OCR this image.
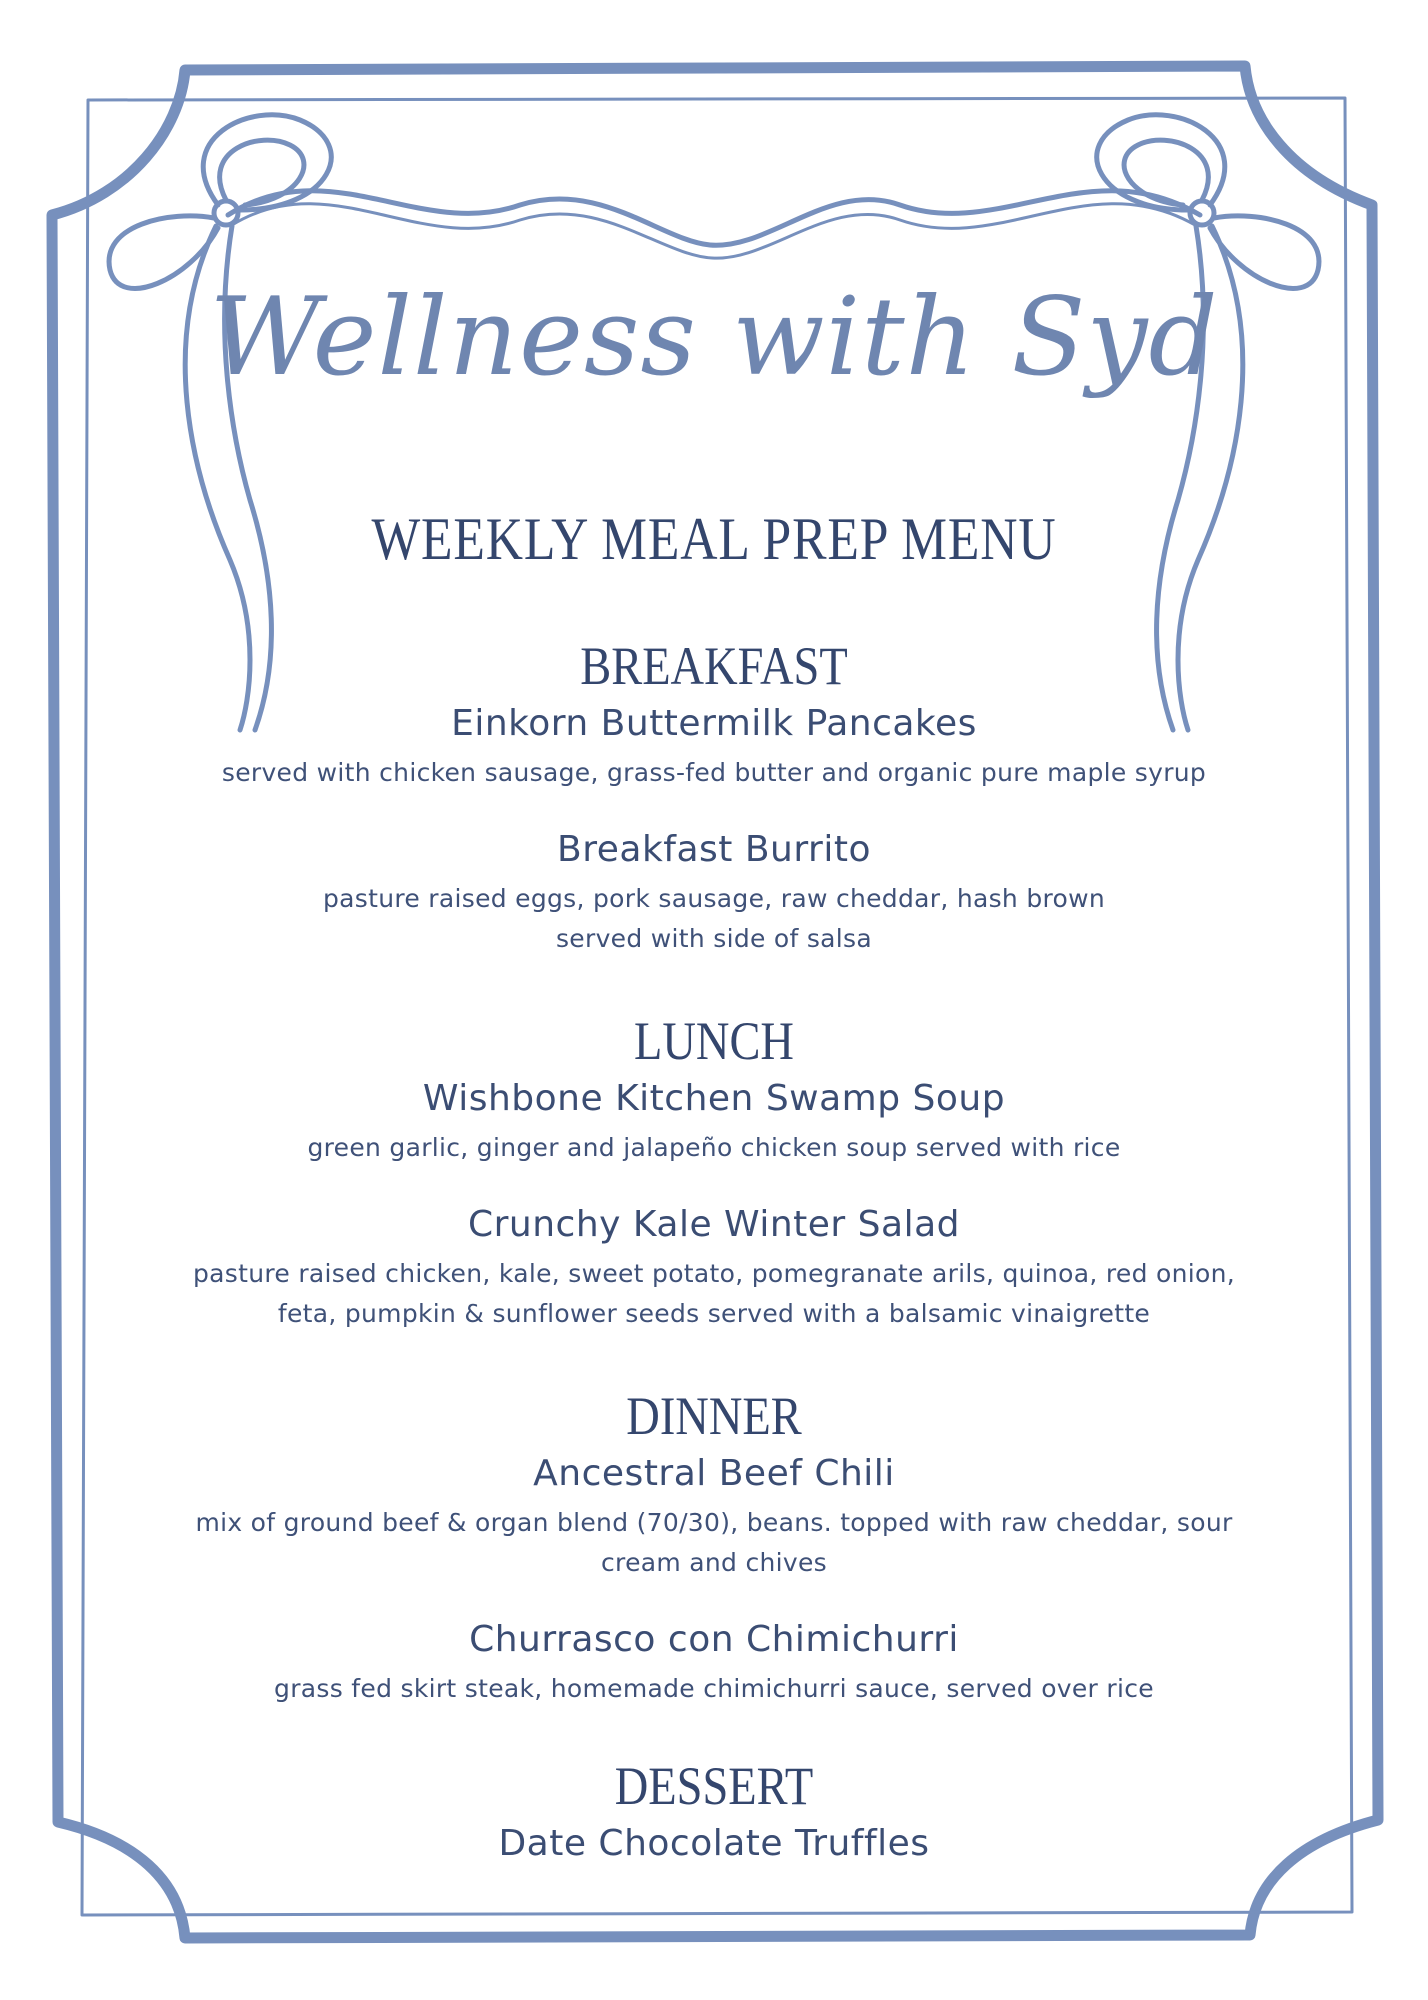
Wellness with Syd
WEEKLY MEAL PREP MENU
BREAKFAST
Einkorn Buttermilk Pancakes
served with chicken sausage, grass-fed butter and organic pure maple syrup
Breakfast Burrito
pasture raised eggs, pork sausage, raw cheddar, hash brown
served with side of salsa
LUNCH
Wishbone Kitchen Swamp Soup
green garlic, ginger and jalapeño chicken soup served with rice
Crunchy Kale Winter Salad
pasture raised chicken, kale, sweet potato, pomegranate arils, quinoa, red onion,
feta, pumpkin & sunflower seeds served with a balsamic vinaigrette
DINNER
Ancestral Beef Chili
mix of ground beef & organ blend (70/30), beans. topped with raw cheddar, sour
cream and chives
Churrasco con Chimichurri
grass fed skirt steak, homemade chimichurri sauce, served over rice
DESSERT
Date Chocolate Truffles
